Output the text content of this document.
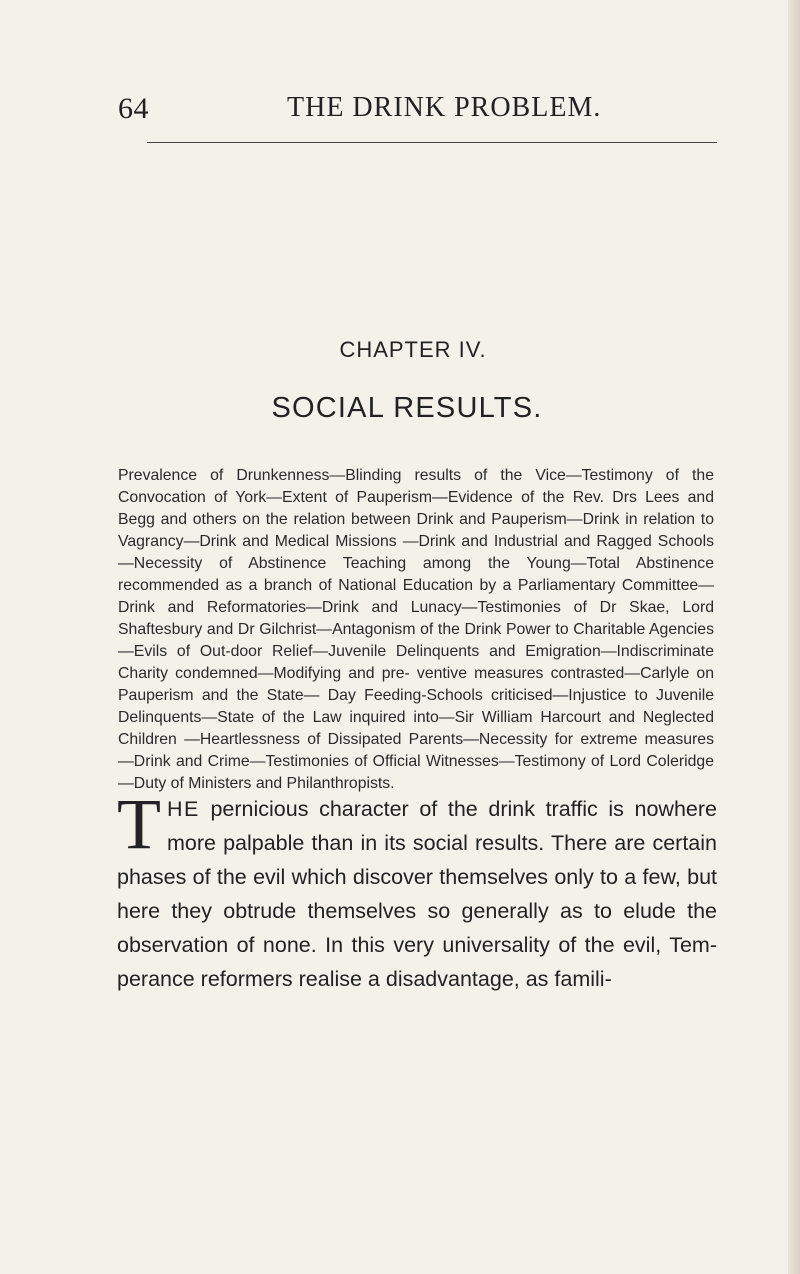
64	THE DRINK PROBLEM.
CHAPTER IV.
SOCIAL RESULTS.
Prevalence of Drunkenness—Blinding results of the Vice—Testimony of the Convocation of York—Extent of Pauperism—Evidence of the Rev. Drs Lees and Begg and others on the relation between Drink and Pauperism—Drink in relation to Vagrancy—Drink and Medical Missions —Drink and Industrial and Ragged Schools—Necessity of Abstinence Teaching among the Young—Total Abstinence recommended as a branch of National Education by a Parliamentary Committee—Drink and Reformatories—Drink and Lunacy—Testimonies of Dr Skae, Lord Shaftesbury and Dr Gilchrist—Antagonism of the Drink Power to Charitable Agencies—Evils of Out-door Relief—Juvenile Delinquents and Emigration—Indiscriminate Charity condemned—Modifying and pre- ventive measures contrasted—Carlyle on Pauperism and the State— Day Feeding-Schools criticised—Injustice to Juvenile Delinquents—State of the Law inquired into—Sir William Harcourt and Neglected Children —Heartlessness of Dissipated Parents—Necessity for extreme measures —Drink and Crime—Testimonies of Official Witnesses—Testimony of Lord Coleridge—Duty of Ministers and Philanthropists.
THE pernicious character of the drink traffic is nowhere more palpable than in its social results. There are certain phases of the evil which discover themselves only to a few, but here they obtrude themselves so generally as to elude the observation of none. In this very universality of the evil, Tem- perance reformers realise a disadvantage, as famili-
